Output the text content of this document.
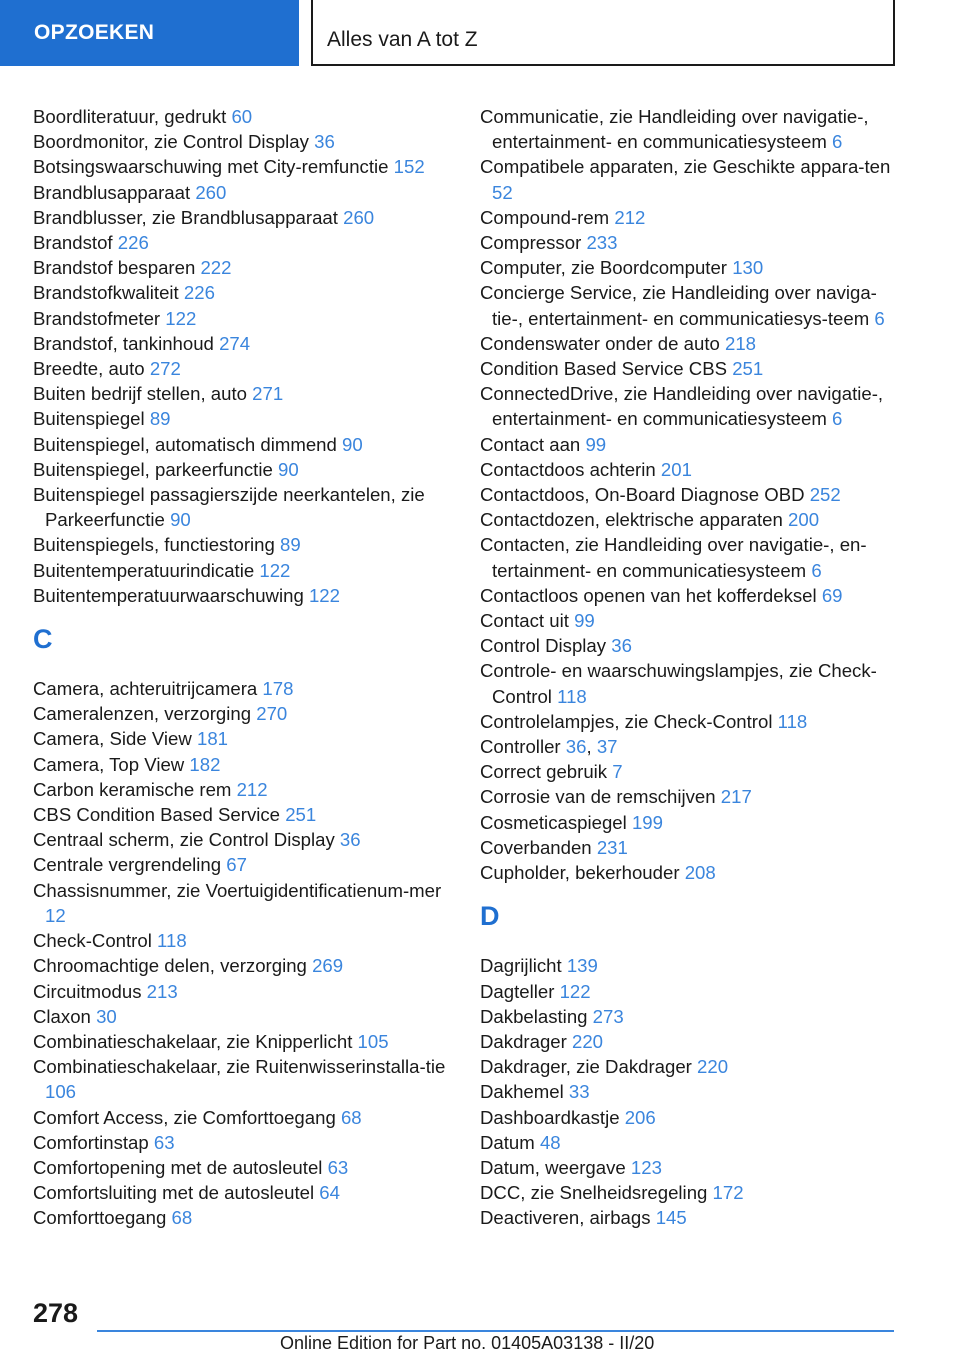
OPZOEKEN	Alles van A tot Z
Boordliteratuur, gedrukt 60
Boordmonitor, zie Control Display 36
Botsingswaarschuwing met City-remfunctie 152
Brandblusapparaat 260
Brandblusser, zie Brandblusapparaat 260
Brandstof 226
Brandstof besparen 222
Brandstofkwaliteit 226
Brandstofmeter 122
Brandstof, tankinhoud 274
Breedte, auto 272
Buiten bedrijf stellen, auto 271
Buitenspiegel 89
Buitenspiegel, automatisch dimmend 90
Buitenspiegel, parkeerfunctie 90
Buitenspiegel passagierszijde neerkantelen, zie Parkeerfunctie 90
Buitenspiegels, functiestoring 89
Buitentemperatuurindicatie 122
Buitentemperatuurwaarschuwing 122
C
Camera, achteruitrijcamera 178
Cameralenzen, verzorging 270
Camera, Side View 181
Camera, Top View 182
Carbon keramische rem 212
CBS Condition Based Service 251
Centraal scherm, zie Control Display 36
Centrale vergrendeling 67
Chassisnummer, zie Voertuigidentificatienum-mer 12
Check-Control 118
Chroomachtige delen, verzorging 269
Circuitmodus 213
Claxon 30
Combinatieschakelaar, zie Knipperlicht 105
Combinatieschakelaar, zie Ruitenwisserinstalla-tie 106
Comfort Access, zie Comforttoegang 68
Comfortinstap 63
Comfortopening met de autosleutel 63
Comfortsluiting met de autosleutel 64
Comforttoegang 68
Communicatie, zie Handleiding over navigatie-, entertainment- en communicatiesysteem 6
Compatibele apparaten, zie Geschikte appara-ten 52
Compound-rem 212
Compressor 233
Computer, zie Boordcomputer 130
Concierge Service, zie Handleiding over naviga-tie-, entertainment- en communicatiesys-teem 6
Condenswater onder de auto 218
Condition Based Service CBS 251
ConnectedDrive, zie Handleiding over navigatie-, entertainment- en communicatiesysteem 6
Contact aan 99
Contactdoos achterin 201
Contactdoos, On-Board Diagnose OBD 252
Contactdozen, elektrische apparaten 200
Contacten, zie Handleiding over navigatie-, en-tertainment- en communicatiesysteem 6
Contactloos openen van het kofferdeksel 69
Contact uit 99
Control Display 36
Controle- en waarschuwingslampjes, zie Check-Control 118
Controlelampjes, zie Check-Control 118
Controller 36, 37
Correct gebruik 7
Corrosie van de remschijven 217
Cosmeticaspiegel 199
Coverbanden 231
Cupholder, bekerhouder 208
D
Dagrijlicht 139
Dagteller 122
Dakbelasting 273
Dakdrager 220
Dakdrager, zie Dakdrager 220
Dakhemel 33
Dashboardkastje 206
Datum 48
Datum, weergave 123
DCC, zie Snelheidsregeling 172
Deactiveren, airbags 145
278
Online Edition for Part no. 01405A03138 - II/20
